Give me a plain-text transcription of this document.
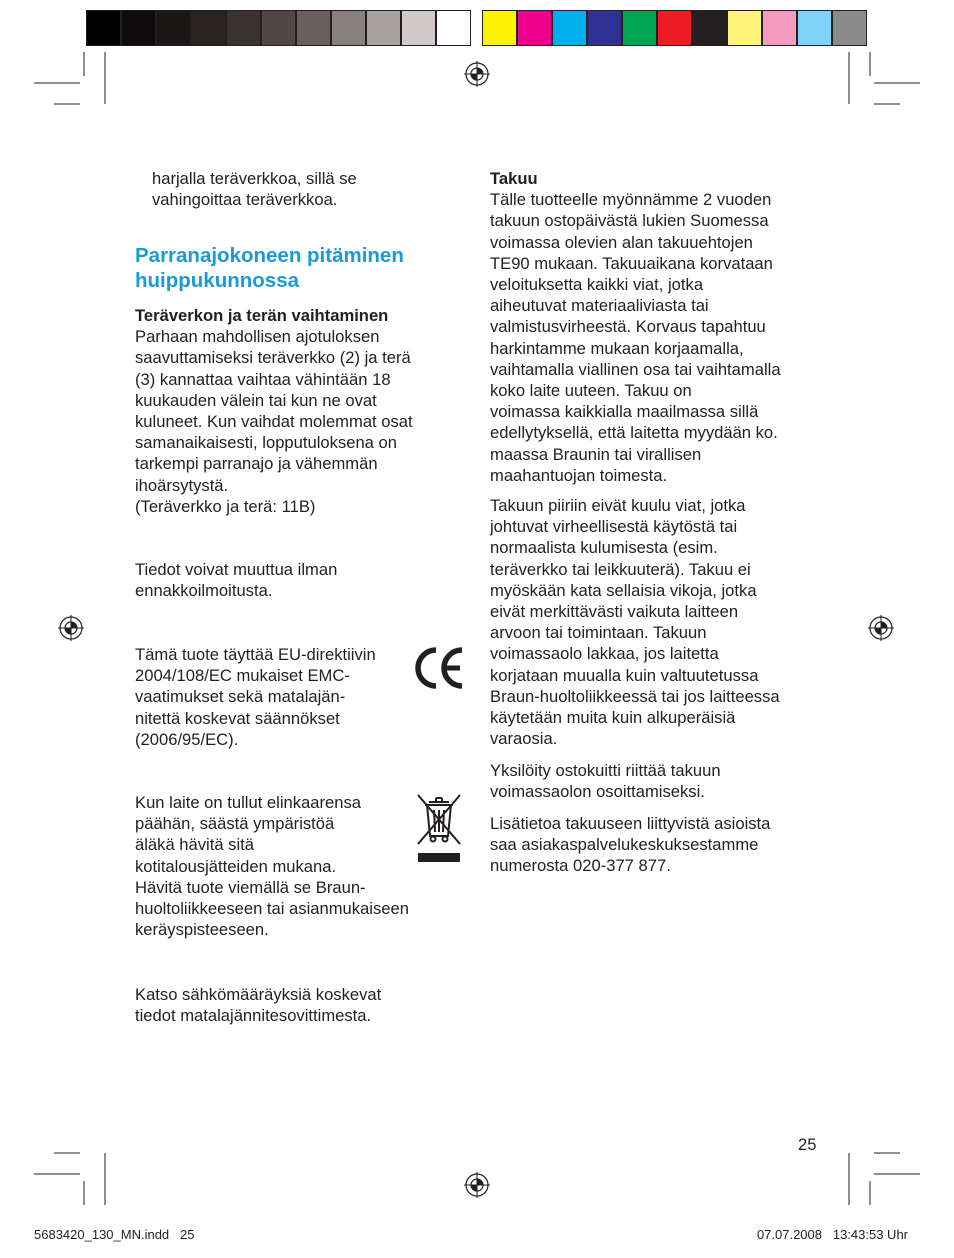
harjalla teräverkkoa, sillä se

vahingoittaa teräverkkoa.

Parranajokoneen pitäminen

huippukunnossa

Teräverkon ja terän vaihtaminen

Parhaan mahdollisen ajotuloksen

saavuttamiseksi teräverkko (2) ja terä

(3) kannattaa vaihtaa vähintään 18

kuukauden välein tai kun ne ovat

kuluneet. Kun vaihdat molemmat osat

samanaikaisesti, lopputuloksena on

tarkempi parranajo ja vähemmän

ihoärsytystä.

(Teräverkko ja terä: 11B)

Tiedot voivat muuttua ilman

ennakkoilmoitusta.

Tämä tuote täyttää EU-direktiivin

2004/108/EC mukaiset EMC-

vaatimukset sekä matalajän-

nitettä koskevat säännökset

(2006/95/EC).

Kun laite on tullut elinkaarensa

päähän, säästä ympäristöä

äläkä hävitä sitä

kotitalousjätteiden mukana.

Hävitä tuote viemällä se Braun-

huoltoliikkeeseen tai asianmukaiseen

keräyspisteeseen.

Katso sähkömääräyksiä koskevat

tiedot matalajännitesovittimesta.

Takuu

Tälle tuotteelle myönnämme 2 vuoden

takuun ostopäivästä lukien Suomessa

voimassa olevien alan takuuehtojen

TE90 mukaan. Takuuaikana korvataan

veloituksetta kaikki viat, jotka

aiheutuvat materiaaliviasta tai

valmistusvirheestä. Korvaus tapahtuu

harkintamme mukaan korjaamalla,

vaihtamalla viallinen osa tai vaihtamalla

koko laite uuteen. Takuu on

voimassa kaikkialla maailmassa sillä

edellytyksellä, että laitetta myydään ko.

maassa Braunin tai virallisen

maahantuojan toimesta.

Takuun piiriin eivät kuulu viat, jotka

johtuvat virheellisestä käytöstä tai

normaalista kulumisesta (esim.

teräverkko tai leikkuuterä). Takuu ei

myöskään kata sellaisia vikoja, jotka

eivät merkittävästi vaikuta laitteen

arvoon tai toimintaan. Takuun

voimassaolo lakkaa, jos laitetta

korjataan muualla kuin valtuutetussa

Braun-huoltoliikkeessä tai jos laitteessa

käytetään muita kuin alkuperäisiä

varaosia.

Yksilöity ostokuitti riittää takuun

voimassaolon osoittamiseksi.

Lisätietoa takuuseen liittyvistä asioista

saa asiakaspalvelukeskuksestamme

numerosta 020-377 877.

25
5683420_130_MN.indd   25	07.07.2008   13:43:53 Uhr
